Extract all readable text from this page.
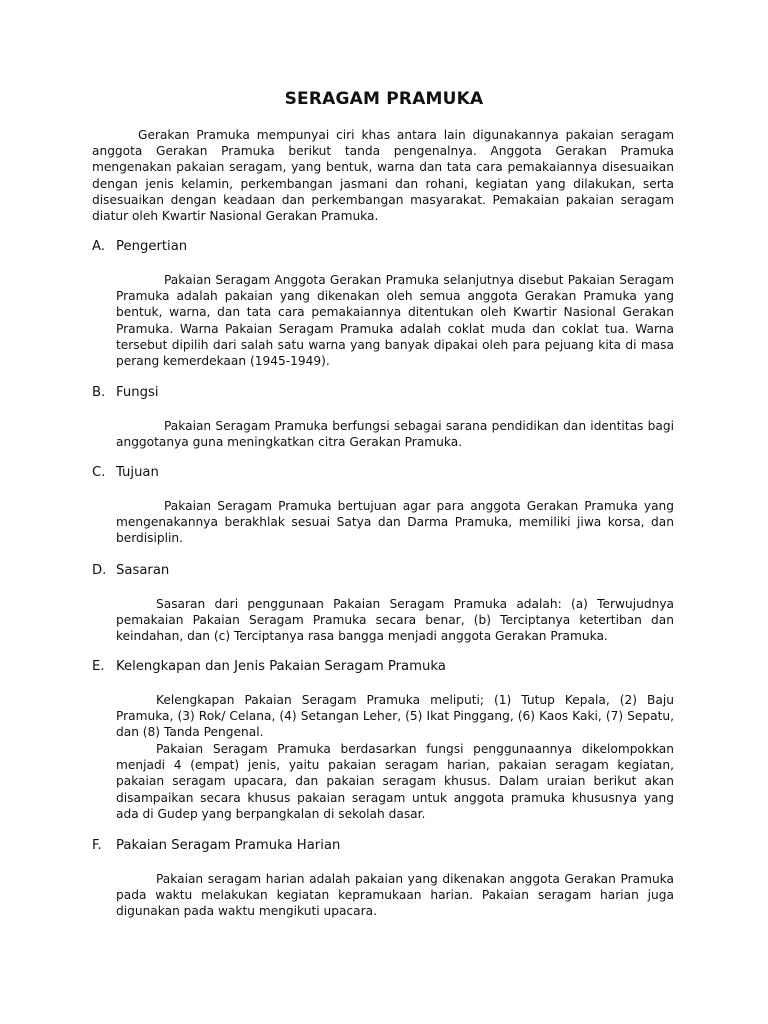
SERAGAM PRAMUKA

Gerakan Pramuka mempunyai ciri khas antara lain digunakannya pakaian seragam anggota Gerakan Pramuka berikut tanda pengenalnya. Anggota Gerakan Pramuka mengenakan pakaian seragam, yang bentuk, warna dan tata cara pemakaiannya disesuaikan dengan jenis kelamin, perkembangan jasmani dan rohani, kegiatan yang dilakukan, serta disesuaikan dengan keadaan dan perkembangan masyarakat. Pemakaian pakaian seragam diatur oleh Kwartir Nasional Gerakan Pramuka.

A. Pengertian

Pakaian Seragam Anggota Gerakan Pramuka selanjutnya disebut Pakaian Seragam Pramuka adalah pakaian yang dikenakan oleh semua anggota Gerakan Pramuka yang bentuk, warna, dan tata cara pemakaiannya ditentukan oleh Kwartir Nasional Gerakan Pramuka. Warna Pakaian Seragam Pramuka adalah coklat muda dan coklat tua. Warna tersebut dipilih dari salah satu warna yang banyak dipakai oleh para pejuang kita di masa perang kemerdekaan (1945-1949).

B. Fungsi

Pakaian Seragam Pramuka berfungsi sebagai sarana pendidikan dan identitas bagi anggotanya guna meningkatkan citra Gerakan Pramuka.

C. Tujuan

Pakaian Seragam Pramuka bertujuan agar para anggota Gerakan Pramuka yang mengenakannya berakhlak sesuai Satya dan Darma Pramuka, memiliki jiwa korsa, dan berdisiplin.

D. Sasaran

Sasaran dari penggunaan Pakaian Seragam Pramuka adalah: (a) Terwujudnya pemakaian Pakaian Seragam Pramuka secara benar, (b) Terciptanya ketertiban dan keindahan, dan (c) Terciptanya rasa bangga menjadi anggota Gerakan Pramuka.

E. Kelengkapan dan Jenis Pakaian Seragam Pramuka

Kelengkapan Pakaian Seragam Pramuka meliputi; (1) Tutup Kepala, (2) Baju Pramuka, (3) Rok/ Celana, (4) Setangan Leher, (5) Ikat Pinggang, (6) Kaos Kaki, (7) Sepatu, dan (8) Tanda Pengenal.

Pakaian Seragam Pramuka berdasarkan fungsi penggunaannya dikelompokkan menjadi 4 (empat) jenis, yaitu pakaian seragam harian, pakaian seragam kegiatan, pakaian seragam upacara, dan pakaian seragam khusus. Dalam uraian berikut akan disampaikan secara khusus pakaian seragam untuk anggota pramuka khususnya yang ada di Gudep yang berpangkalan di sekolah dasar.

F.	Pakaian Seragam Pramuka Harian

Pakaian seragam harian adalah pakaian yang dikenakan anggota Gerakan Pramuka pada waktu melakukan kegiatan kepramukaan harian. Pakaian seragam harian juga digunakan pada waktu mengikuti upacara.
